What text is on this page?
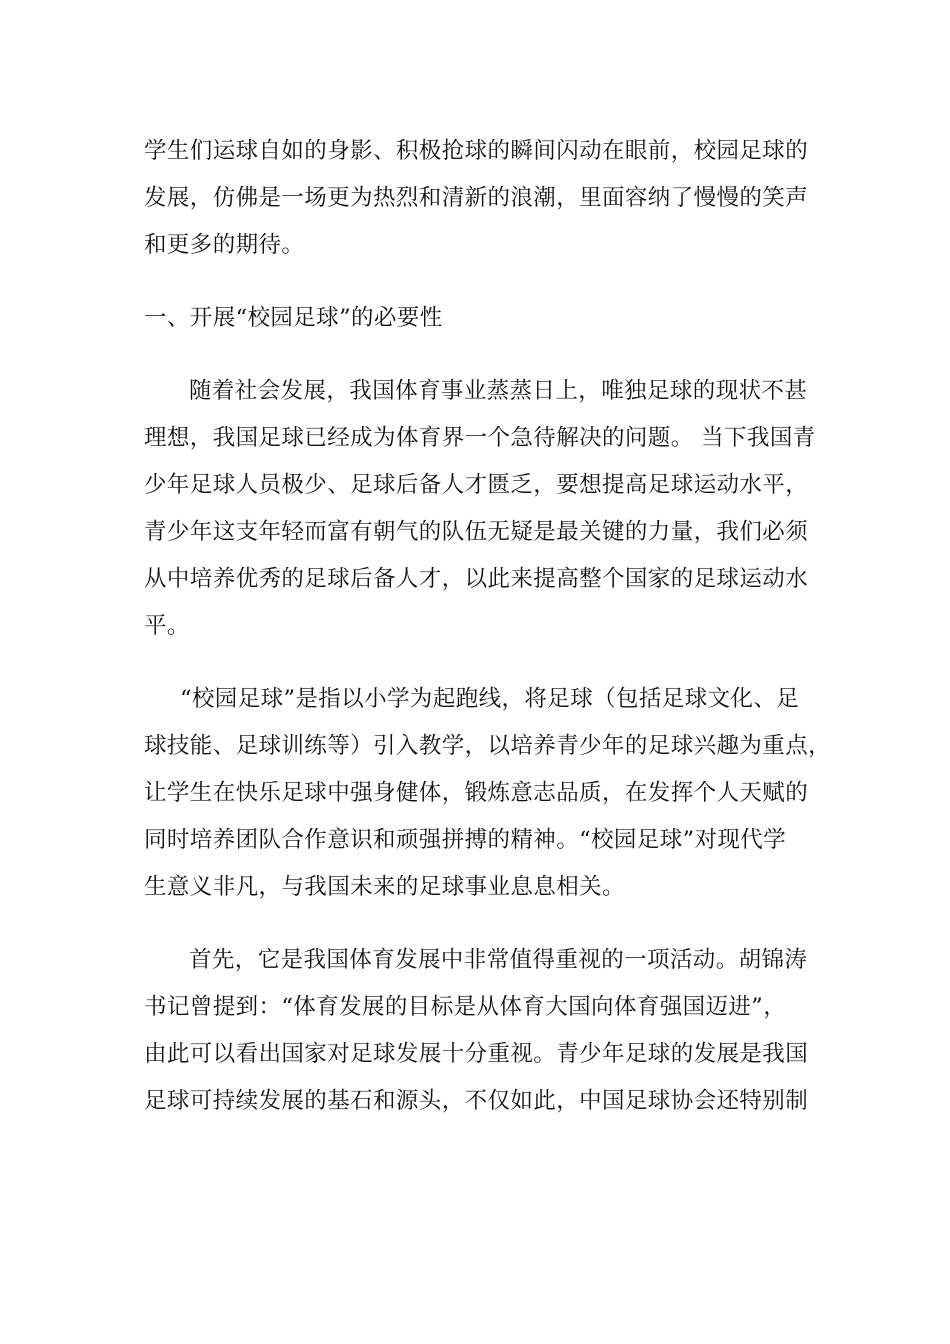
学生们运球自如的身影、积极抢球的瞬间闪动在眼前，校园足球的
发展，仿佛是一场更为热烈和清新的浪潮，里面容纳了慢慢的笑声
和更多的期待。
一、开展“校园足球”的必要性
随着社会发展，我国体育事业蒸蒸日上，唯独足球的现状不甚
理想，我国足球已经成为体育界一个急待解决的问题。 当下我国青
少年足球人员极少、足球后备人才匮乏，要想提高足球运动水平，
青少年这支年轻而富有朝气的队伍无疑是最关键的力量，我们必须
从中培养优秀的足球后备人才，以此来提高整个国家的足球运动水
平。
“校园足球”是指以小学为起跑线，将足球（包括足球文化、足
球技能、足球训练等）引入教学，以培养青少年的足球兴趣为重点，
让学生在快乐足球中强身健体，锻炼意志品质，在发挥个人天赋的
同时培养团队合作意识和顽强拼搏的精神。“校园足球”对现代学
生意义非凡，与我国未来的足球事业息息相关。
首先，它是我国体育发展中非常值得重视的一项活动。胡锦涛
书记曾提到：“体育发展的目标是从体育大国向体育强国迈进”，
由此可以看出国家对足球发展十分重视。青少年足球的发展是我国
足球可持续发展的基石和源头，不仅如此，中国足球协会还特别制
